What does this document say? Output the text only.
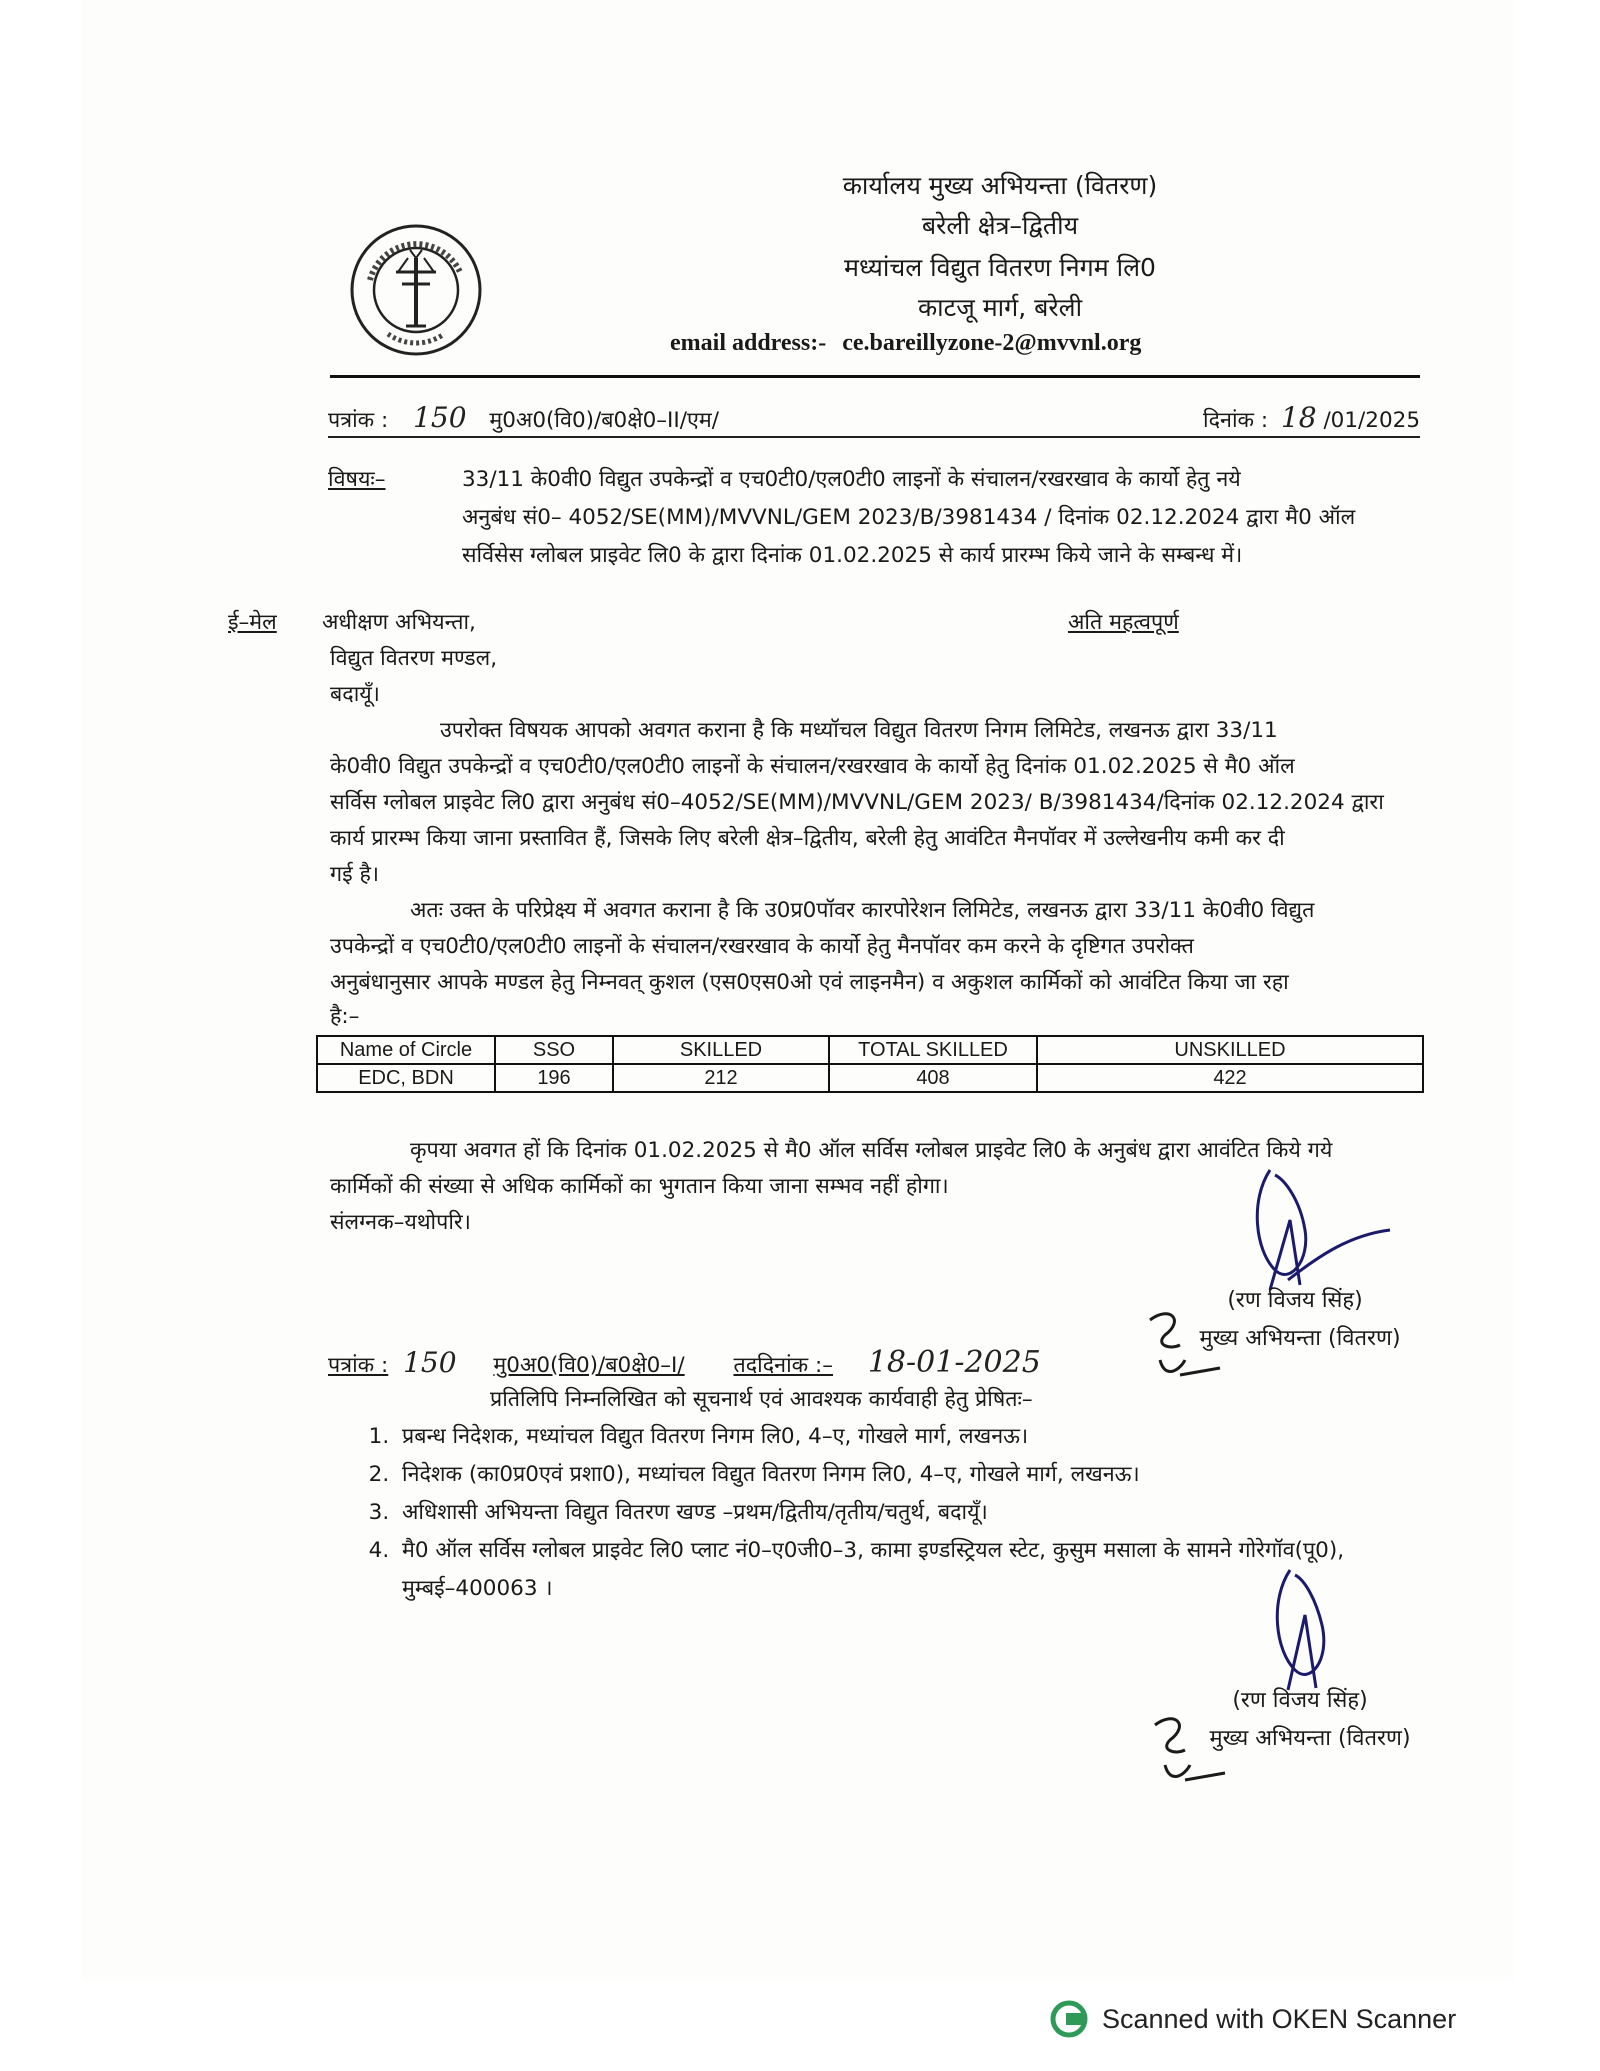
कार्यालय मुख्य अभियन्ता (वितरण)
बरेली क्षेत्र–द्वितीय
मध्यांचल विद्युत वितरण निगम लि0
काटजू मार्ग, बरेली
email address:- ce.bareillyzone-2@mvvnl.org
पत्रांक : 150 मु0अ0(वि0)/ब0क्षे0–II/एम/	दिनांक : 18 /01/2025
विषयः–	33/11 के0वी0 विद्युत उपकेन्द्रों व एच0टी0/एल0टी0 लाइनों के संचालन/रखरखाव के कार्यो हेतु नये
अनुबंध सं0– 4052/SE(MM)/MVVNL/GEM 2023/B/3981434 / दिनांक 02.12.2024 द्वारा मै0 ऑल
सर्विसेस ग्लोबल प्राइवेट लि0 के द्वारा दिनांक 01.02.2025 से कार्य प्रारम्भ किये जाने के सम्बन्ध में।
ई–मेल अधीक्षण अभियन्ता,
विद्युत वितरण मण्डल,
बदायूँ।
अति महत्वपूर्ण
उपरोक्त विषयक आपको अवगत कराना है कि मध्यॉचल विद्युत वितरण निगम लिमिटेड, लखनऊ द्वारा 33/11
के0वी0 विद्युत उपकेन्द्रों व एच0टी0/एल0टी0 लाइनों के संचालन/रखरखाव के कार्यो हेतु दिनांक 01.02.2025 से मै0 ऑल
सर्विस ग्लोबल प्राइवेट लि0 द्वारा अनुबंध सं0–4052/SE(MM)/MVVNL/GEM 2023/ B/3981434/दिनांक 02.12.2024 द्वारा
कार्य प्रारम्भ किया जाना प्रस्तावित हैं, जिसके लिए बरेली क्षेत्र–द्वितीय, बरेली हेतु आवंटित मैनपॉवर में उल्लेखनीय कमी कर दी
गई है।
अतः उक्त के परिप्रेक्ष्य में अवगत कराना है कि उ0प्र0पॉवर कारपोरेशन लिमिटेड, लखनऊ द्वारा 33/11 के0वी0 विद्युत
उपकेन्द्रों व एच0टी0/एल0टी0 लाइनों के संचालन/रखरखाव के कार्यो हेतु मैनपॉवर कम करने के दृष्टिगत उपरोक्त
अनुबंधानुसार आपके मण्डल हेतु निम्नवत् कुशल (एस0एस0ओ एवं लाइनमैन) व अकुशल कार्मिकों को आवंटित किया जा रहा
है:–
Name of Circle	SSO	SKILLED	TOTAL SKILLED	UNSKILLED
EDC, BDN	196	212	408	422
कृपया अवगत हों कि दिनांक 01.02.2025 से मै0 ऑल सर्विस ग्लोबल प्राइवेट लि0 के अनुबंध द्वारा आवंटित किये गये
कार्मिकों की संख्या से अधिक कार्मिकों का भुगतान किया जाना सम्भव नहीं होगा।
संलग्नक–यथोपरि।
(रण विजय सिंह)
मुख्य अभियन्ता (वितरण)
पत्रांक : 150 मु0अ0(वि0)/ब0क्षे0–I/ तददिनांक :– 18-01-2025
प्रतिलिपि निम्नलिखित को सूचनार्थ एवं आवश्यक कार्यवाही हेतु प्रेषितः–
1. प्रबन्ध निदेशक, मध्यांचल विद्युत वितरण निगम लि0, 4–ए, गोखले मार्ग, लखनऊ।
2. निदेशक (का0प्र0एवं प्रशा0), मध्यांचल विद्युत वितरण निगम लि0, 4–ए, गोखले मार्ग, लखनऊ।
3. अधिशासी अभियन्ता विद्युत वितरण खण्ड –प्रथम/द्वितीय/तृतीय/चतुर्थ, बदायूँ।
4. मै0 ऑल सर्विस ग्लोबल प्राइवेट लि0 प्लाट नं0–ए0जी0–3, कामा इण्डस्ट्रियल स्टेट, कुसुम मसाला के सामने गोरेगॉव(पू0), मुम्बई–400063 ।
(रण विजय सिंह)
मुख्य अभियन्ता (वितरण)
Scanned with OKEN Scanner
